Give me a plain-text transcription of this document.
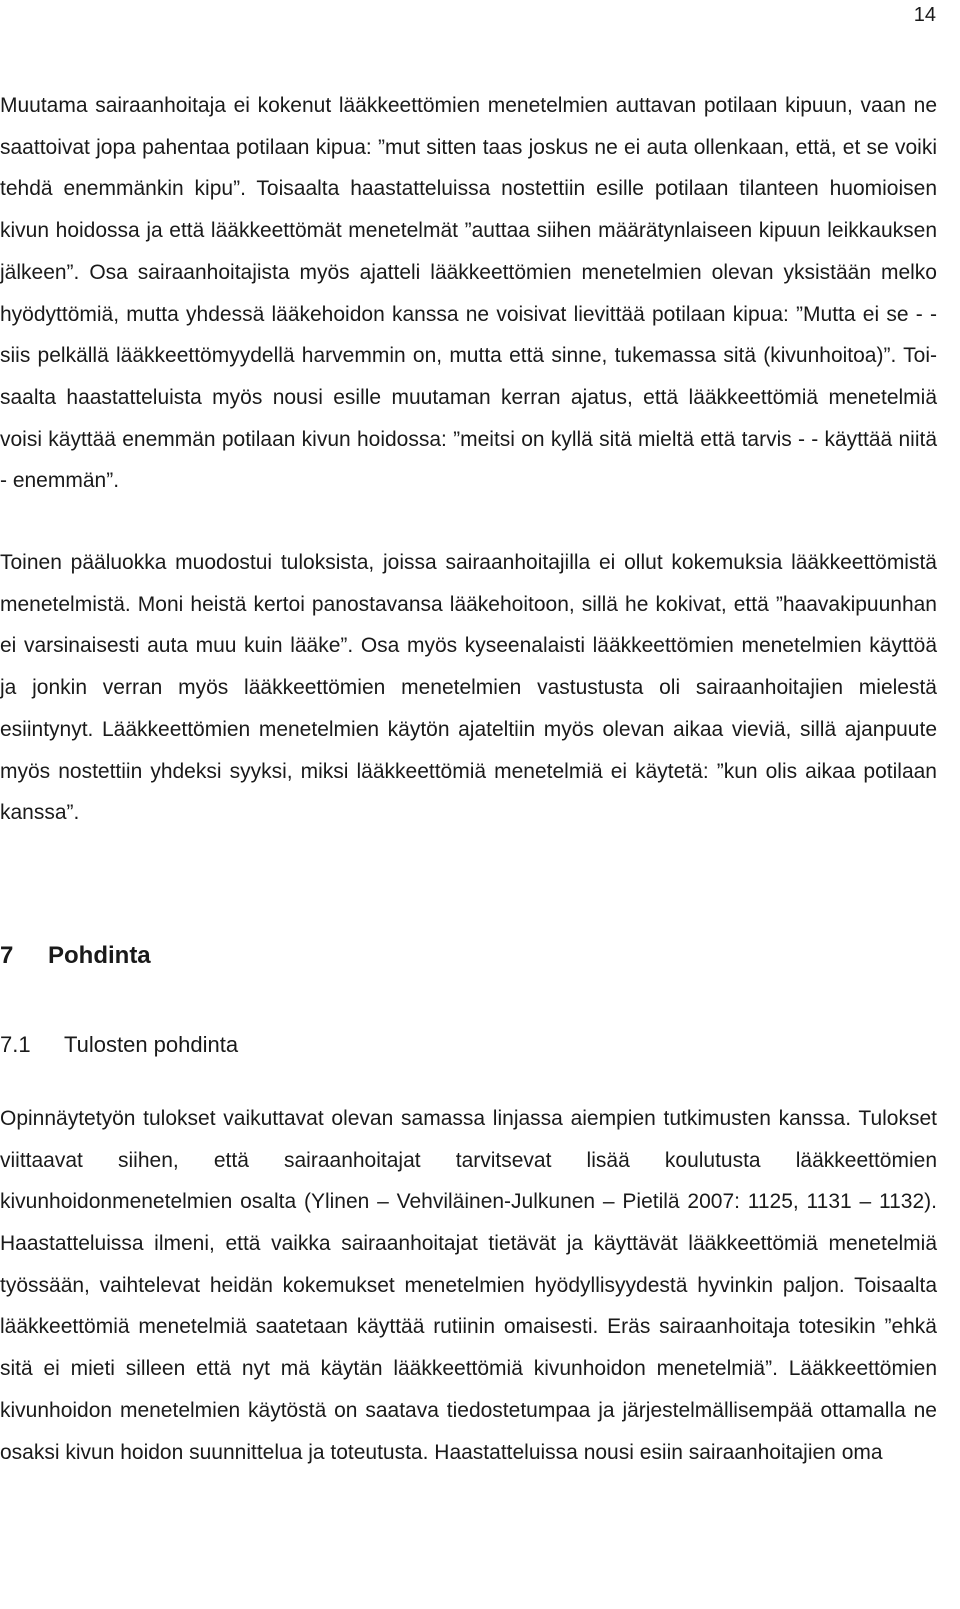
14

Muutama sairaanhoitaja ei kokenut lääkkeettömien menetelmien auttavan potilaan kipuun, vaan ne saattoivat jopa pahentaa potilaan kipua: ”mut sitten taas joskus ne ei auta ollenkaan, että, et se voiki tehdä enemmänkin kipu”. Toisaalta haastatteluissa nostettiin esille potilaan tilanteen huomioisen kivun hoidossa ja että lääkkeettömät menetelmät ”auttaa siihen määrätynlaiseen kipuun leikkauksen jälkeen”. Osa sairaanhoitajista myös ajatteli lääkkeettömien menetelmien olevan yksistään melko hyödyttömiä, mutta yhdessä lääkehoidon kanssa ne voisivat lievittää potilaan kipua: ”Mutta ei se - - siis pelkällä lääkkeettömyydellä harvemmin on, mutta että sinne, tukemassa sitä (kivunhoitoa)”. Toisaalta haastatteluista myös nousi esille muutaman kerran ajatus, että lääkkeettömiä menetelmiä voisi käyttää enemmän potilaan kivun hoidossa: ”meitsi on kyllä sitä mieltä että tarvis - - käyttää niitä - enemmän”.

Toinen pääluokka muodostui tuloksista, joissa sairaanhoitajilla ei ollut kokemuksia lääkkeettömistä menetelmistä. Moni heistä kertoi panostavansa lääkehoitoon, sillä he kokivat, että ”haavakipuunhan ei varsinaisesti auta muu kuin lääke”. Osa myös kyseenalaisti lääkkeettömien menetelmien käyttöä ja jonkin verran myös lääkkeettömien menetelmien vastustusta oli sairaanhoitajien mielestä esiintynyt. Lääkkeettömien menetelmien käytön ajateltiin myös olevan aikaa vieviä, sillä ajanpuute myös nostettiin yhdeksi syyksi, miksi lääkkeettömiä menetelmiä ei käytetä: ”kun olis aikaa potilaan kanssa”.

7 Pohdinta
7.1 Tulosten pohdinta

Opinnäytetyön tulokset vaikuttavat olevan samassa linjassa aiempien tutkimusten kanssa. Tulokset viittaavat siihen, että sairaanhoitajat tarvitsevat lisää koulutusta lääkkeettömien kivunhoidonmenetelmien osalta (Ylinen – Vehviläinen-Julkunen – Pietilä 2007: 1125, 1131 – 1132). Haastatteluissa ilmeni, että vaikka sairaanhoitajat tietävät ja käyttävät lääkkeettömiä menetelmiä työssään, vaihtelevat heidän kokemukset menetelmien hyödyllisyydestä hyvinkin paljon. Toisaalta lääkkeettömiä menetelmiä saatetaan käyttää rutiinin omaisesti. Eräs sairaanhoitaja totesikin ”ehkä sitä ei mieti silleen että nyt mä käytän lääkkeettömiä kivunhoidon menetelmiä”. Lääkkeettömien kivunhoidon menetelmien käytöstä on saatava tiedostetumpaa ja järjestelmällisempää ottamalla ne osaksi kivun hoidon suunnittelua ja toteutusta. Haastatteluissa nousi esiin sairaanhoitajien oma
